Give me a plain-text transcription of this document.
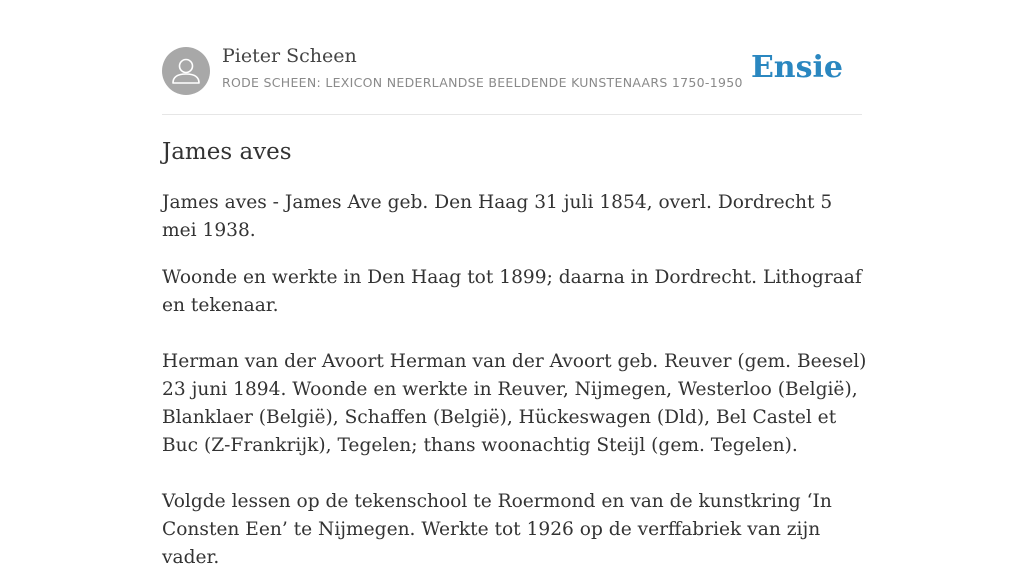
Pieter Scheen
RODE SCHEEN: LEXICON NEDERLANDSE BEELDENDE KUNSTENAARS 1750-1950 Ensie
James aves

James aves - James Ave geb. Den Haag 31 juli 1854, overl. Dordrecht 5 mei 1938.

Woonde en werkte in Den Haag tot 1899; daarna in Dordrecht. Lithograaf en tekenaar.

Herman van der Avoort Herman van der Avoort geb. Reuver (gem. Beesel) 23 juni 1894. Woonde en werkte in Reuver, Nijmegen, Westerloo (België), Blanklaer (België), Schaffen (België), Hückeswagen (Dld), Bel Castel et Buc (Z-Frankrijk), Tegelen; thans woonachtig Steijl (gem. Tegelen).

Volgde lessen op de tekenschool te Roermond en van de kunstkring ‘In Consten Een’ te Nijmegen. Werkte tot 1926 op de verffabriek van zijn vader.
